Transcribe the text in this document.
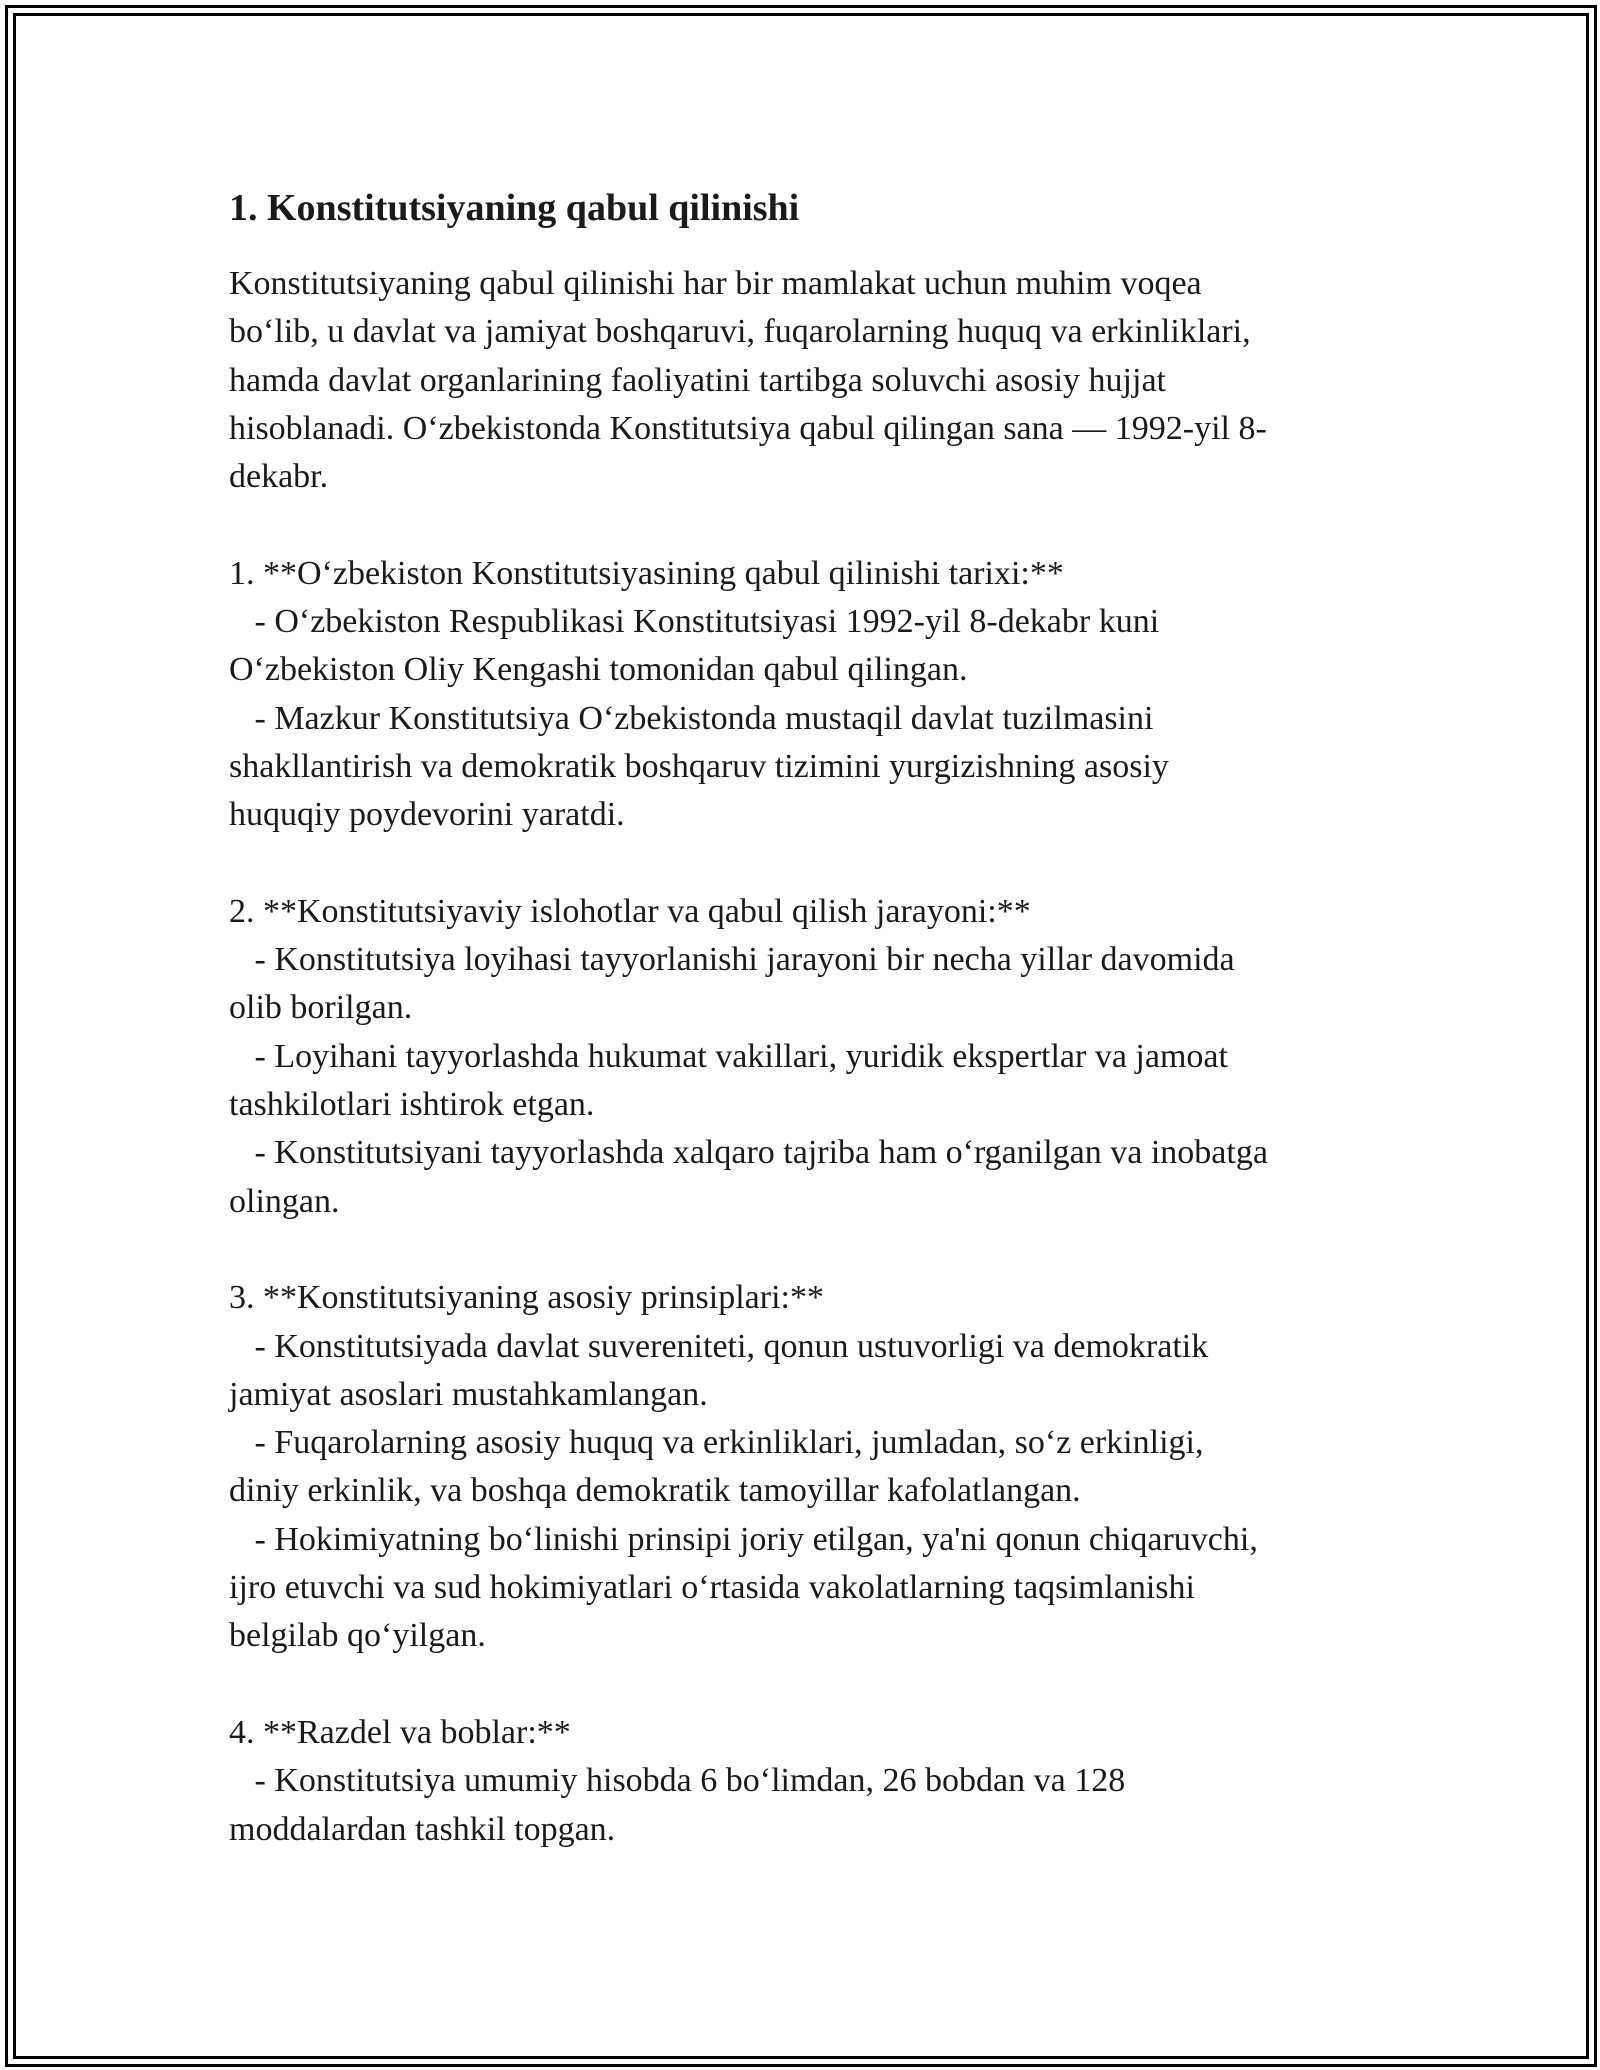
1. Konstitutsiyaning qabul qilinishi

Konstitutsiyaning qabul qilinishi har bir mamlakat uchun muhim voqea
bo‘lib, u davlat va jamiyat boshqaruvi, fuqarolarning huquq va erkinliklari,
hamda davlat organlarining faoliyatini tartibga soluvchi asosiy hujjat
hisoblanadi. O‘zbekistonda Konstitutsiya qabul qilingan sana — 1992-yil 8-
dekabr.

1. **O‘zbekiston Konstitutsiyasining qabul qilinishi tarixi:**
- O‘zbekiston Respublikasi Konstitutsiyasi 1992-yil 8-dekabr kuni
O‘zbekiston Oliy Kengashi tomonidan qabul qilingan.
- Mazkur Konstitutsiya O‘zbekistonda mustaqil davlat tuzilmasini
shakllantirish va demokratik boshqaruv tizimini yurgizishning asosiy
huquqiy poydevorini yaratdi.

2. **Konstitutsiyaviy islohotlar va qabul qilish jarayoni:**
- Konstitutsiya loyihasi tayyorlanishi jarayoni bir necha yillar davomida
olib borilgan.
- Loyihani tayyorlashda hukumat vakillari, yuridik ekspertlar va jamoat
tashkilotlari ishtirok etgan.
- Konstitutsiyani tayyorlashda xalqaro tajriba ham o‘rganilgan va inobatga
olingan.

3. **Konstitutsiyaning asosiy prinsiplari:**
- Konstitutsiyada davlat suvereniteti, qonun ustuvorligi va demokratik
jamiyat asoslari mustahkamlangan.
- Fuqarolarning asosiy huquq va erkinliklari, jumladan, so‘z erkinligi,
diniy erkinlik, va boshqa demokratik tamoyillar kafolatlangan.
- Hokimiyatning bo‘linishi prinsipi joriy etilgan, ya'ni qonun chiqaruvchi,
ijro etuvchi va sud hokimiyatlari o‘rtasida vakolatlarning taqsimlanishi
belgilab qo‘yilgan.

4. **Razdel va boblar:**
- Konstitutsiya umumiy hisobda 6 bo‘limdan, 26 bobdan va 128
moddalardan tashkil topgan.
